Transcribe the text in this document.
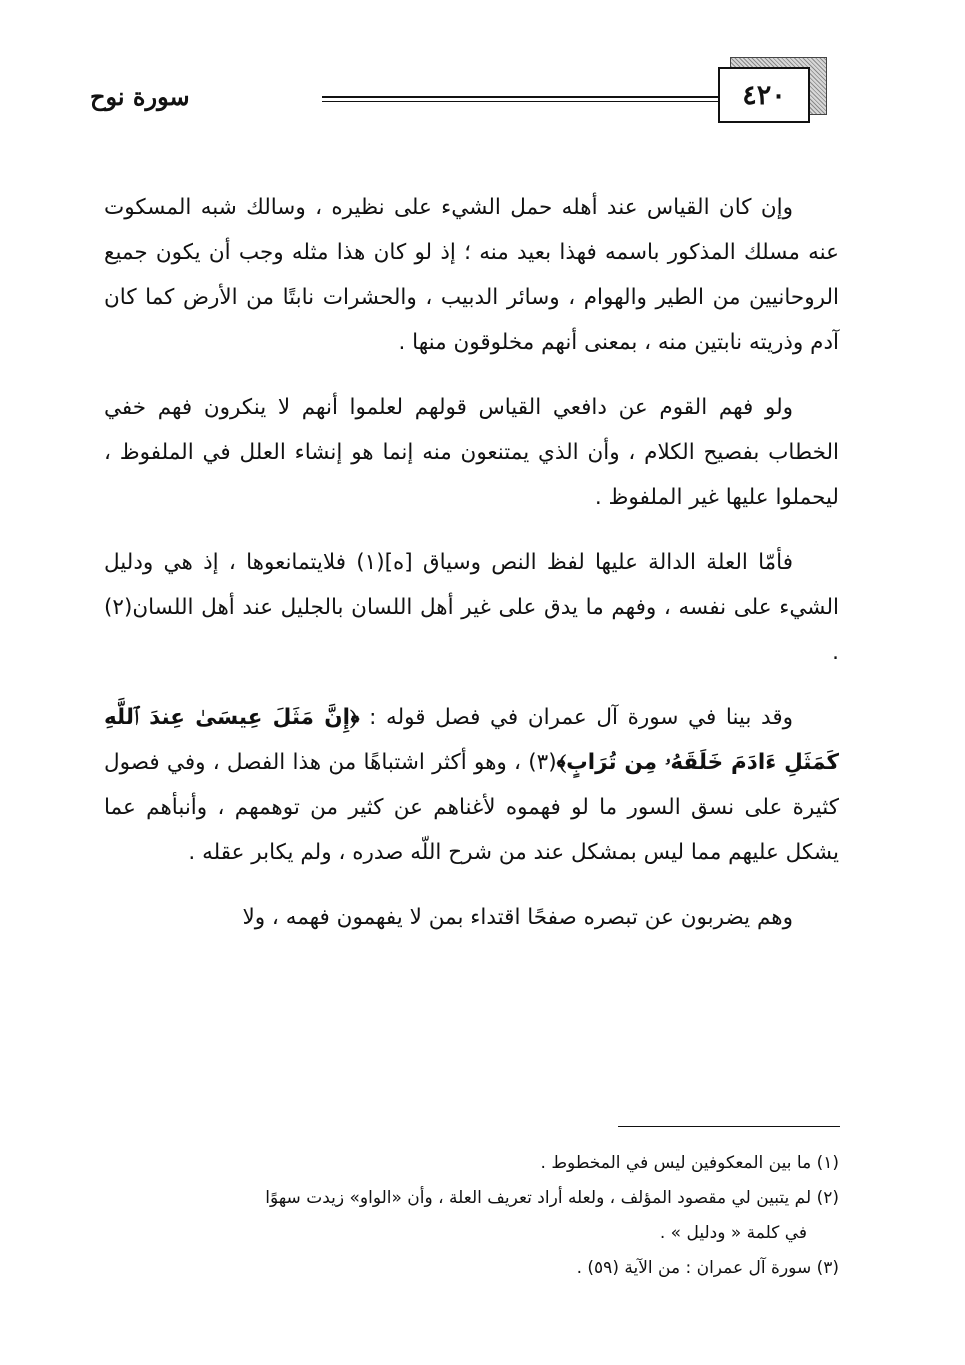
٤٢٠
سورة نوح

وإن كان القياس عند أهله حمل الشيء على نظيره ، وسالك شبه المسكوت عنه مسلك المذكور باسمه فهذا بعيد منه ؛ إذ لو كان هذا مثله وجب أن يكون جميع الروحانيين من الطير والهوام ، وسائر الدبيب ، والحشرات نابتًا من الأرض كما كان آدم وذريته نابتين منه ، بمعنى أنهم مخلوقون منها .

ولو فهم القوم عن دافعي القياس قولهم لعلموا أنهم لا ينكرون فهم خفي الخطاب بفصيح الكلام ، وأن الذي يمتنعون منه إنما هو إنشاء العلل في الملفوظ ، ليحملوا عليها غير الملفوظ .

فأمّا العلة الدالة عليها لفظ النص وسياق [ه](١) فلايتمانعوها ، إذ هي ودليل الشيء على نفسه ، وفهم ما يدق على غير أهل اللسان بالجليل عند أهل اللسان(٢) .

وقد بينا في سورة آل عمران في فصل قوله : ﴿إِنَّ مَثَلَ عِيسَىٰ عِندَ ٱللَّهِ كَمَثَلِ ءَادَمَ خَلَقَهُۥ مِن تُرَابٍ﴾(٣) ، وهو أكثر اشتباهًا من هذا الفصل ، وفي فصول كثيرة على نسق السور ما لو فهموه لأغناهم عن كثير من توهمهم ، وأنبأهم عما يشكل عليهم مما ليس بمشكل عند من شرح اللّه صدره ، ولم يكابر عقله .

وهم يضربون عن تبصره صفحًا اقتداء بمن لا يفهمون فهمه ، ولا

(١) ما بين المعكوفين ليس في المخطوط .

(٢) لم يتبين لي مقصود المؤلف ، ولعله أراد تعريف العلة ، وأن «الواو» زيدت سهوًا

في كلمة « ودليل » .

(٣) سورة آل عمران : من الآية (٥٩) .
